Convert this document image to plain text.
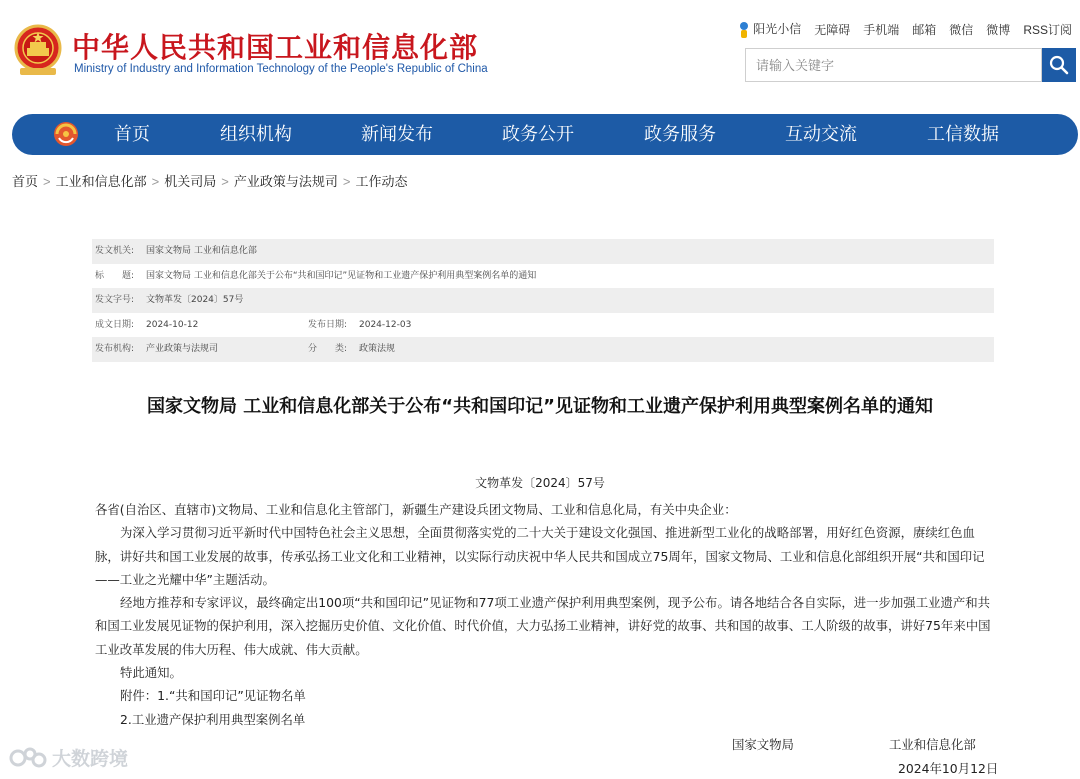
中华人民共和国工业和信息化部
Ministry of Industry and Information Technology of the People's Republic of China
阳光小信 无障碍 手机端 邮箱 微信 微博 RSS订阅
请输入关键字
首页	组织机构	新闻发布	政务公开	政务服务	互动交流	工信数据
首页 > 工业和信息化部 > 机关司局 > 产业政策与法规司 > 工作动态
发文机关: 国家文物局 工业和信息化部
标　　题: 国家文物局 工业和信息化部关于公布“共和国印记”见证物和工业遗产保护利用典型案例名单的通知
发文字号: 文物革发〔2024〕57号
成文日期: 2024-10-12	发布日期: 2024-12-03
发布机构: 产业政策与法规司	分　　类: 政策法规
国家文物局 工业和信息化部关于公布“共和国印记”见证物和工业遗产保护利用典型案例名单的通知
文物革发〔2024〕57号

各省(自治区、直辖市)文物局、工业和信息化主管部门，新疆生产建设兵团文物局、工业和信息化局，有关中央企业：

为深入学习贯彻习近平新时代中国特色社会主义思想，全面贯彻落实党的二十大关于建设文化强国、推进新型工业化的战略部署，用好红色资源，赓续红色血脉，讲好共和国工业发展的故事，传承弘扬工业文化和工业精神，以实际行动庆祝中华人民共和国成立75周年，国家文物局、工业和信息化部组织开展“共和国印记——工业之光耀中华”主题活动。

经地方推荐和专家评议，最终确定出100项“共和国印记”见证物和77项工业遗产保护利用典型案例，现予公布。请各地结合各自实际，进一步加强工业遗产和共和国工业发展见证物的保护利用，深入挖掘历史价值、文化价值、时代价值，大力弘扬工业精神，讲好党的故事、共和国的故事、工人阶级的故事，讲好75年来中国工业改革发展的伟大历程、伟大成就、伟大贡献。

特此通知。

附件：1.“共和国印记”见证物名单

2.工业遗产保护利用典型案例名单

国家文物局	工业和信息化部
2024年10月12日
大数跨境
